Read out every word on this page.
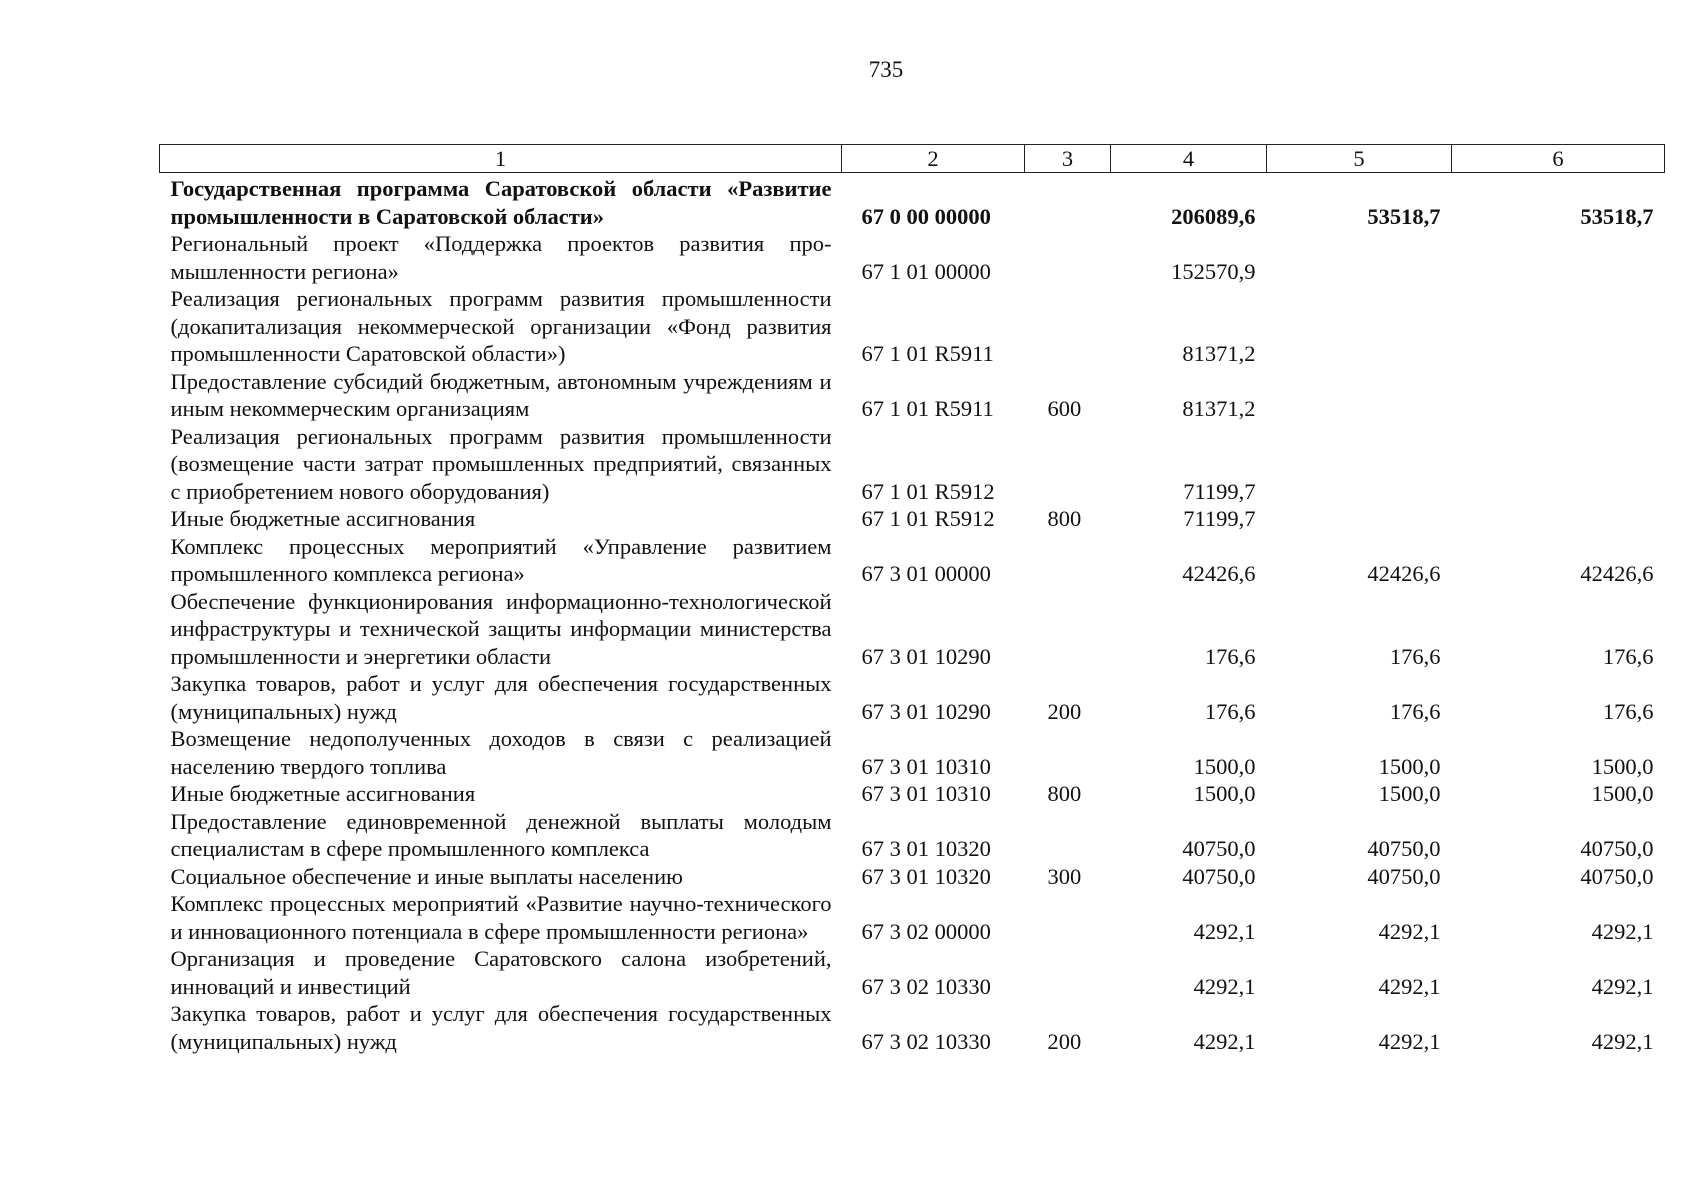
735
1	2	3	4	5	6
Государственная программа Саратовской области «Развитие промышленности в Саратовской области»	67 0 00 00000		206089,6	53518,7	53518,7
Региональный проект «Поддержка проектов развития промышленности региона»	67 1 01 00000		152570,9		
Реализация региональных программ развития промышленности (докапитализация некоммерческой организации «Фонд развития промышленности Саратовской области»)	67 1 01 R5911		81371,2		
Предоставление субсидий бюджетным, автономным учреждениям и иным некоммерческим организациям	67 1 01 R5911	600	81371,2		
Реализация региональных программ развития промышленности (возмещение части затрат промышленных предприятий, связанных с приобретением нового оборудования)	67 1 01 R5912		71199,7		
Иные бюджетные ассигнования	67 1 01 R5912	800	71199,7		
Комплекс процессных мероприятий «Управление развитием промышленного комплекса региона»	67 3 01 00000		42426,6	42426,6	42426,6
Обеспечение функционирования информационно-технологической инфраструктуры и технической защиты информации министерства промышленности и энергетики области	67 3 01 10290		176,6	176,6	176,6
Закупка товаров, работ и услуг для обеспечения государственных (муниципальных) нужд	67 3 01 10290	200	176,6	176,6	176,6
Возмещение недополученных доходов в связи с реализацией населению твердого топлива	67 3 01 10310		1500,0	1500,0	1500,0
Иные бюджетные ассигнования	67 3 01 10310	800	1500,0	1500,0	1500,0
Предоставление единовременной денежной выплаты молодым специалистам в сфере промышленного комплекса	67 3 01 10320		40750,0	40750,0	40750,0
Социальное обеспечение и иные выплаты населению	67 3 01 10320	300	40750,0	40750,0	40750,0
Комплекс процессных мероприятий «Развитие научно-технического и инновационного потенциала в сфере промышленности региона»	67 3 02 00000		4292,1	4292,1	4292,1
Организация и проведение Саратовского салона изобретений, инноваций и инвестиций	67 3 02 10330		4292,1	4292,1	4292,1
Закупка товаров, работ и услуг для обеспечения государственных (муниципальных) нужд	67 3 02 10330	200	4292,1	4292,1	4292,1
